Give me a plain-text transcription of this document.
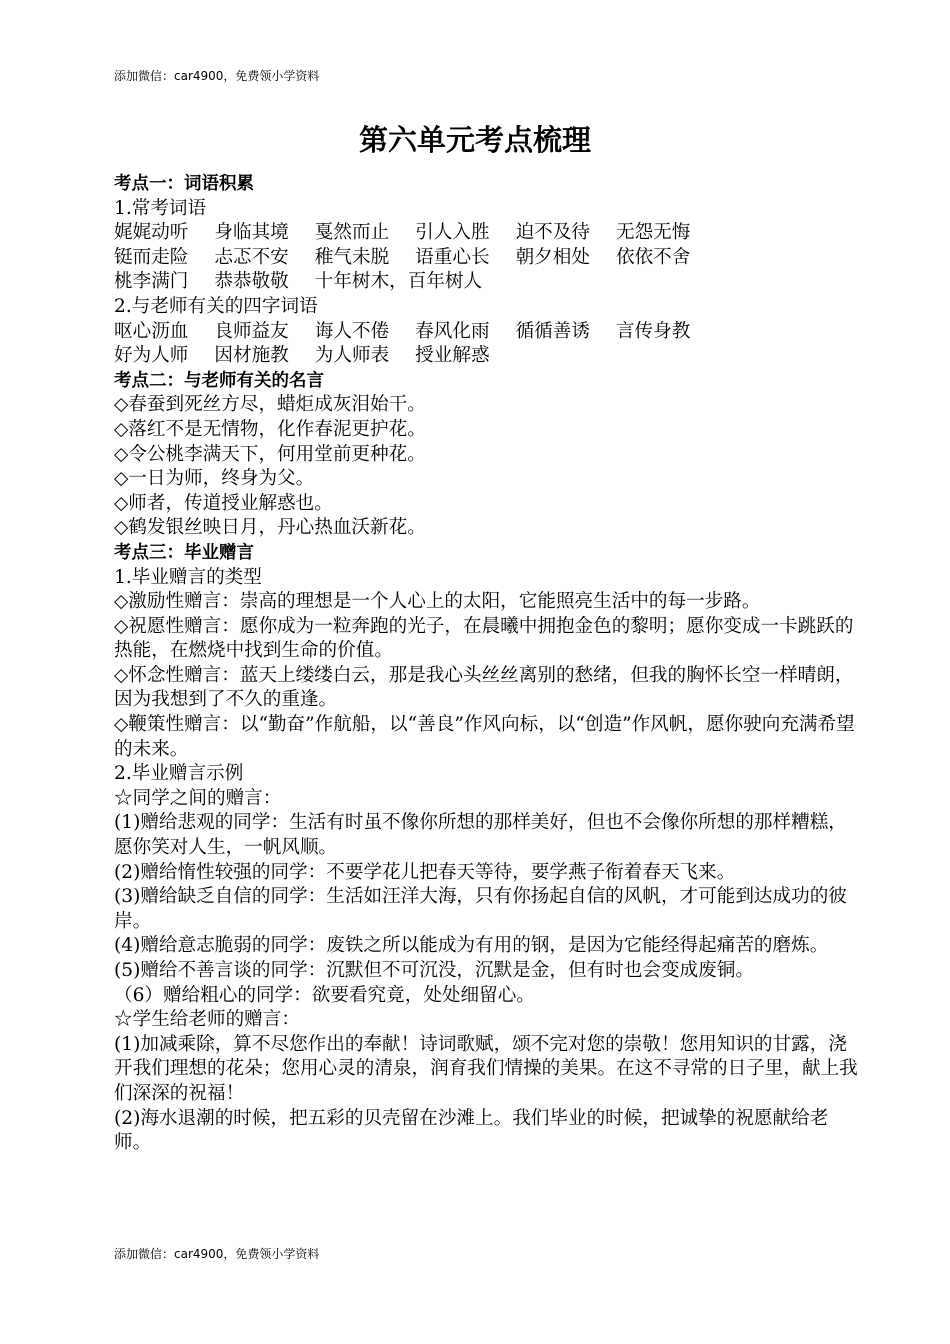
添加微信：car4900，免费领小学资料
第六单元考点梳理

考点一：词语积累

1.常考词语

娓娓动听 身临其境 戛然而止 引人入胜 迫不及待 无怨无悔
铤而走险 忐忑不安 稚气未脱 语重心长 朝夕相处 依依不舍
桃李满门 恭恭敬敬 十年树木，百年树人

2.与老师有关的四字词语

呕心沥血 良师益友 诲人不倦 春风化雨 循循善诱 言传身教
好为人师 因材施教 为人师表 授业解惑

考点二：与老师有关的名言

◇春蚕到死丝方尽，蜡炬成灰泪始干。

◇落红不是无情物，化作春泥更护花。

◇令公桃李满天下，何用堂前更种花。

◇一日为师，终身为父。

◇师者，传道授业解惑也。

◇鹤发银丝映日月，丹心热血沃新花。

考点三：毕业赠言

1.毕业赠言的类型

◇激励性赠言：崇高的理想是一个人心上的太阳，它能照亮生活中的每一步路。

◇祝愿性赠言：愿你成为一粒奔跑的光子，在晨曦中拥抱金色的黎明；愿你变成一卡跳跃的热能，在燃烧中找到生命的价值。

◇怀念性赠言：蓝天上缕缕白云，那是我心头丝丝离别的愁绪，但我的胸怀长空一样晴朗，因为我想到了不久的重逢。

◇鞭策性赠言：以“勤奋”作航船，以“善良”作风向标，以“创造”作风帆，愿你驶向充满希望的未来。

2.毕业赠言示例

☆同学之间的赠言：

(1)赠给悲观的同学：生活有时虽不像你所想的那样美好，但也不会像你所想的那样糟糕，愿你笑对人生，一帆风顺。

(2)赠给惰性较强的同学：不要学花儿把春天等待，要学燕子衔着春天飞来。

(3)赠给缺乏自信的同学：生活如汪洋大海，只有你扬起自信的风帆，才可能到达成功的彼岸。

(4)赠给意志脆弱的同学：废铁之所以能成为有用的钢，是因为它能经得起痛苦的磨炼。

(5)赠给不善言谈的同学：沉默但不可沉没，沉默是金，但有时也会变成废铜。

（6）赠给粗心的同学：欲要看究竟，处处细留心。

☆学生给老师的赠言：

(1)加减乘除，算不尽您作出的奉献！诗词歌赋，颂不完对您的崇敬！您用知识的甘露，浇开我们理想的花朵；您用心灵的清泉，润育我们情操的美果。在这不寻常的日子里，献上我们深深的祝福！

(2)海水退潮的时候，把五彩的贝壳留在沙滩上。我们毕业的时候，把诚挚的祝愿献给老师。

添加微信：car4900，免费领小学资料
